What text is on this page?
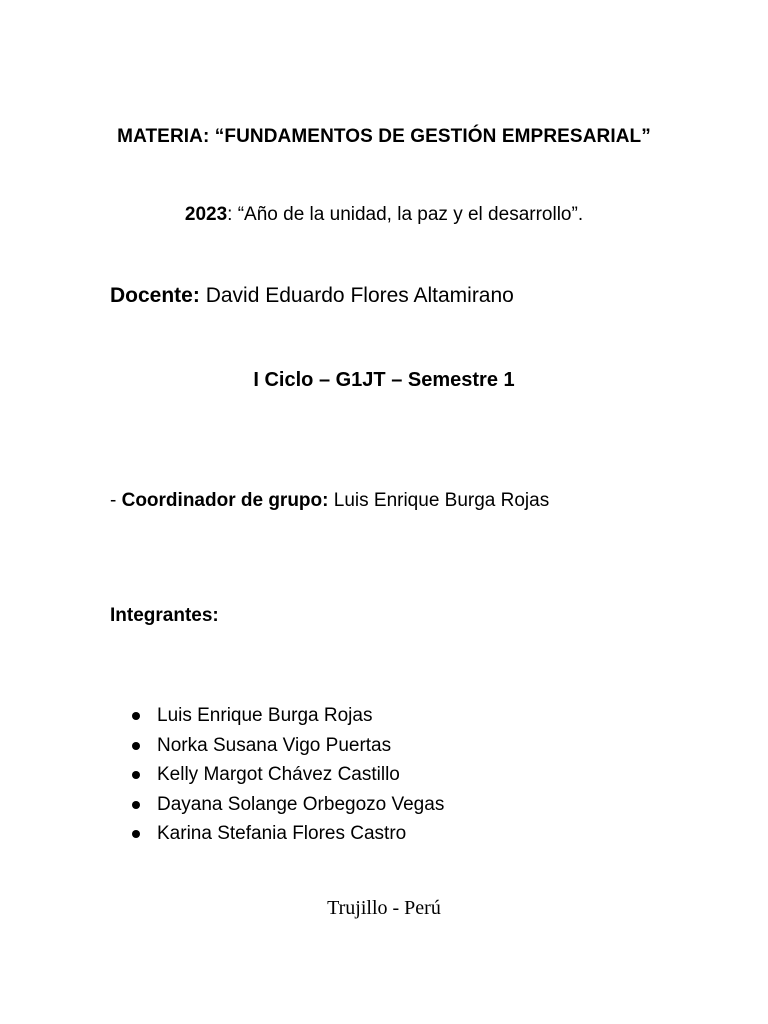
MATERIA: “FUNDAMENTOS DE GESTIÓN EMPRESARIAL”
2023: “Año de la unidad, la paz y el desarrollo”.
Docente: David Eduardo Flores Altamirano
I Ciclo – G1JT – Semestre 1
- Coordinador de grupo: Luis Enrique Burga Rojas
Integrantes:
Luis Enrique Burga Rojas
Norka Susana Vigo Puertas
Kelly Margot Chávez Castillo
Dayana Solange Orbegozo Vegas
Karina Stefania Flores Castro
Trujillo - Perú
